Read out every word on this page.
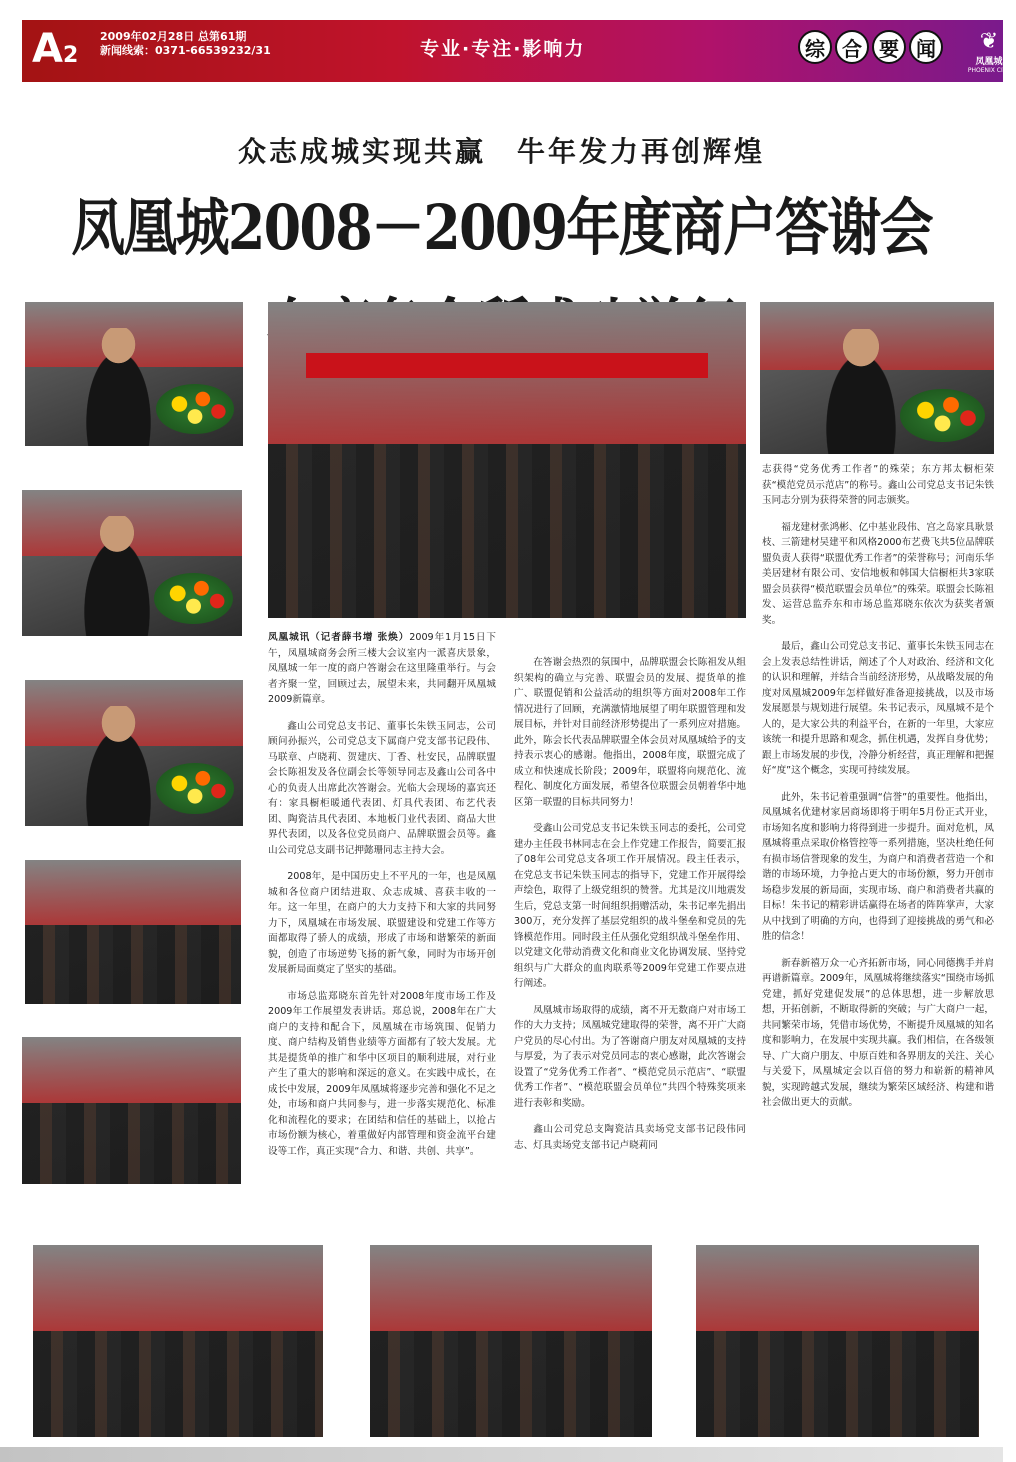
A2
2009年02月28日 总第61期
新闻线索：0371-66539232/31	专业·专注·影响力	综 合 要 闻	❦
凤凰城
PHOENIX CITY
众志成城实现共赢　牛年发力再创辉煌
凤凰城2008－2009年度商户答谢会

凤凰城讯（记者薛书增 张焕）2009年1月15日下午，凤凰城商务会所三楼大会议室内一派喜庆景象，凤凰城一年一度的商户答谢会在这里隆重举行。与会者齐聚一堂，回顾过去，展望未来，共同翻开凤凰城2009新篇章。

鑫山公司党总支书记、董事长朱铁玉同志，公司顾问孙振兴，公司党总支下属商户党支部书记段伟、马联章、卢晓莉、贺建庆、丁香、杜安民，品牌联盟会长陈祖发及各位副会长等领导同志及鑫山公司各中心的负责人出席此次答谢会。光临大会现场的嘉宾还有：家具橱柜暖通代表团、灯具代表团、布艺代表团、陶瓷洁具代表团、本地板门业代表团、商品大世界代表团，以及各位党员商户、品牌联盟会员等。鑫山公司党总支副书记押懿珊同志主持大会。

2008年，是中国历史上不平凡的一年，也是凤凰城和各位商户团结进取、众志成城、喜获丰收的一年。这一年里，在商户的大力支持下和大家的共同努力下，凤凰城在市场发展、联盟建设和党建工作等方面都取得了骄人的成绩，形成了市场和谐繁荣的新面貌，创造了市场逆势飞扬的新气象，同时为市场开创发展新局面奠定了坚实的基础。

市场总监郑晓东首先针对2008年度市场工作及2009年工作展望发表讲话。郑总说，2008年在广大商户的支持和配合下，凤凰城在市场筑围、促销力度、商户结构及销售业绩等方面都有了较大发展。尤其是提货单的推广和华中区项目的顺利进展，对行业产生了重大的影响和深远的意义。在实践中成长，在成长中发展，2009年凤凰城将逐步完善和强化不足之处，市场和商户共同参与，进一步落实规范化、标准化和流程化的要求；在团结和信任的基础上，以抢占市场份额为核心，着重做好内部管理和资金流平台建设等工作，真正实现“合力、和谐、共创、共享”。

在答谢会热烈的氛围中，品牌联盟会长陈祖发从组织架构的确立与完善、联盟会员的发展、提货单的推广、联盟促销和公益活动的组织等方面对2008年工作情况进行了回顾，充满激情地展望了明年联盟管理和发展目标，并针对目前经济形势提出了一系列应对措施。此外，陈会长代表品牌联盟全体会员对凤凰城给予的支持表示衷心的感谢。他指出，2008年度，联盟完成了成立和快速成长阶段；2009年，联盟将向规范化、流程化、制度化方面发展，希望各位联盟会员朝着华中地区第一联盟的目标共同努力！

受鑫山公司党总支书记朱铁玉同志的委托，公司党建办主任段书林同志在会上作党建工作报告，简要汇报了08年公司党总支各项工作开展情况。段主任表示，在党总支书记朱铁玉同志的指导下，党建工作开展得绘声绘色，取得了上级党组织的赞誉。尤其是汶川地震发生后，党总支第一时间组织捐赠活动，朱书记率先捐出300万，充分发挥了基层党组织的战斗堡垒和党员的先锋模范作用。同时段主任从强化党组织战斗堡垒作用、以党建文化带动消费文化和商业文化协调发展、坚持党组织与广大群众的血肉联系等2009年党建工作要点进行阐述。

凤凰城市场取得的成绩，离不开无数商户对市场工作的大力支持；凤凰城党建取得的荣誉，离不开广大商户党员的尽心付出。为了答谢商户朋友对凤凰城的支持与厚爱，为了表示对党员同志的衷心感谢，此次答谢会设置了“党务优秀工作者”、“模范党员示范店”、“联盟优秀工作者”、“模范联盟会员单位”共四个特殊奖项来进行表彰和奖励。

鑫山公司党总支陶瓷洁具卖场党支部书记段伟同志、灯具卖场党支部书记卢晓莉同

志获得“党务优秀工作者”的殊荣；东方邦太橱柜荣获“模范党员示范店”的称号。鑫山公司党总支书记朱铁玉同志分别为获得荣誉的同志颁奖。

福龙建材张鸿彬、亿中基业段伟、宫之岛家具耿景枝、三箭建材吴建平和风格2000布艺费飞共5位品牌联盟负责人获得“联盟优秀工作者”的荣誉称号；河南乐华美居建材有限公司、安信地板和韩国大信橱柜共3家联盟会员获得“模范联盟会员单位”的殊荣。联盟会长陈祖发、运营总监乔东和市场总监郑晓东依次为获奖者颁奖。

最后，鑫山公司党总支书记、董事长朱铁玉同志在会上发表总结性讲话，阐述了个人对政治、经济和文化的认识和理解，并结合当前经济形势，从战略发展的角度对凤凰城2009年怎样做好准备迎接挑战，以及市场发展愿景与规划进行展望。朱书记表示，凤凰城不是个人的，是大家公共的利益平台，在新的一年里，大家应该统一和提升思路和观念，抓住机遇，发挥自身优势；跟上市场发展的步伐，冷静分析经营，真正理解和把握好“度”这个概念，实现可持续发展。

此外，朱书记着重强调“信誉”的重要性。他指出，凤凰城名优建材家居商场即将于明年5月份正式开业，市场知名度和影响力将得到进一步提升。面对危机，凤凰城将重点采取价格管控等一系列措施，坚决杜绝任何有损市场信誉现象的发生，为商户和消费者营造一个和谐的市场环境，力争抢占更大的市场份额，努力开创市场稳步发展的新局面，实现市场、商户和消费者共赢的目标！朱书记的精彩讲话赢得在场者的阵阵掌声，大家从中找到了明确的方向，也得到了迎接挑战的勇气和必胜的信念！

新春新禧万众一心齐拓新市场，同心同德携手并肩再谱新篇章。2009年，凤凰城将继续落实“围绕市场抓党建，抓好党建促发展”的总体思想，进一步解放思想，开拓创新，不断取得新的突破；与广大商户一起，共同繁荣市场，凭借市场优势，不断提升凤凰城的知名度和影响力，在发展中实现共赢。我们相信，在各级领导、广大商户朋友、中原百姓和各界朋友的关注、关心与关爱下，凤凰城定会以百倍的努力和崭新的精神风貌，实现跨越式发展，继续为繁荣区域经济、构建和谐社会做出更大的贡献。
